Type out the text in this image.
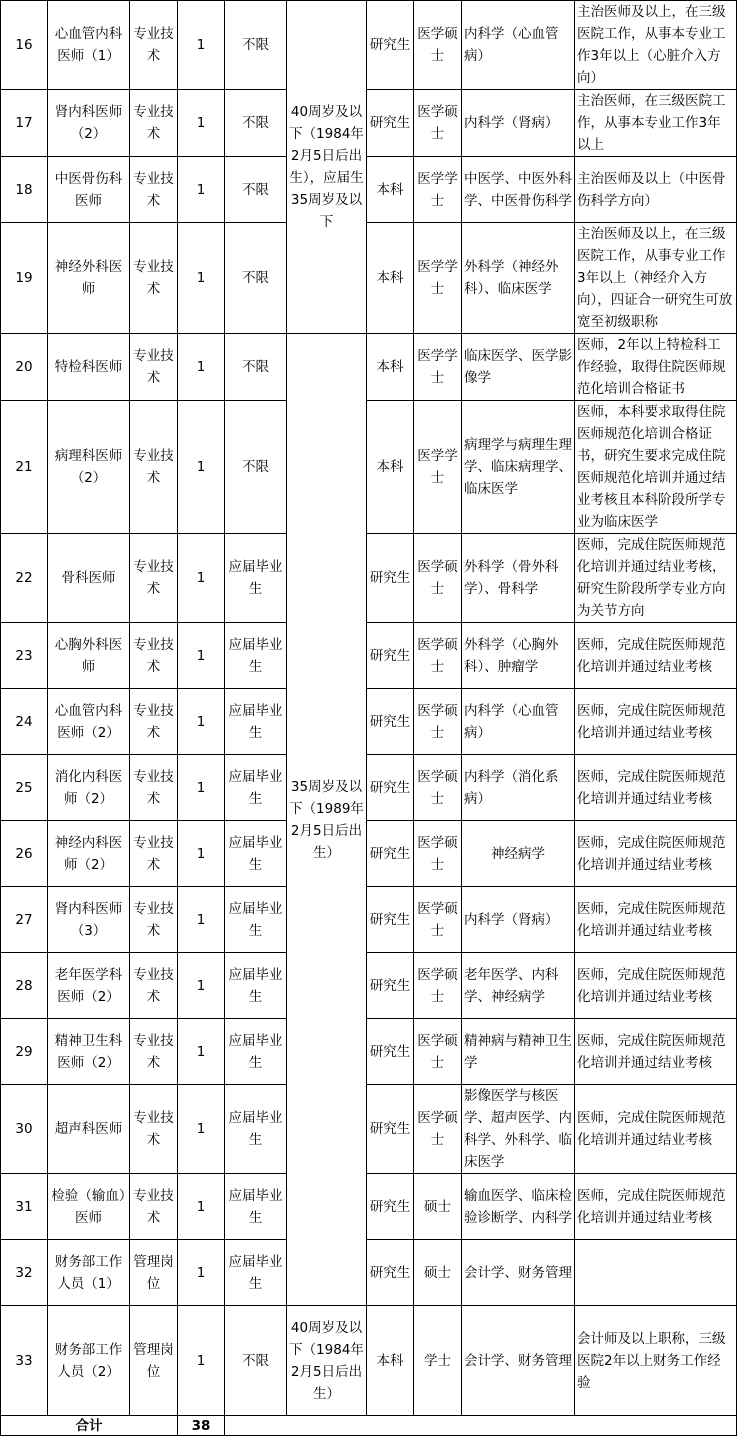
16	心血管内科医师（1）	专业技术	1	不限	40周岁及以下（1984年2月5日后出生），应届生35周岁及以下	研究生	医学硕士	内科学（心血管病）	主治医师及以上，在三级医院工作，从事本专业工作3年以上（心脏介入方向）
17	肾内科医师（2）	专业技术	1	不限		研究生	医学硕士	内科学（肾病）	主治医师，在三级医院工作，从事本专业工作3年以上
18	中医骨伤科医师	专业技术	1	不限		本科	医学学士	中医学、中医外科学、中医骨伤科学	主治医师及以上（中医骨伤科学方向）
19	神经外科医师	专业技术	1	不限		本科	医学学士	外科学（神经外科）、临床医学	主治医师及以上，在三级医院工作，从事专业工作3年以上（神经介入方向），四证合一研究生可放宽至初级职称
20	特检科医师	专业技术	1	不限	35周岁及以下（1989年2月5日后出生）	本科	医学学士	临床医学、医学影像学	医师，2年以上特检科工作经验，取得住院医师规范化培训合格证书
21	病理科医师（2）	专业技术	1	不限		本科	医学学士	病理学与病理生理学、临床病理学、临床医学	医师，本科要求取得住院医师规范化培训合格证书，研究生要求完成住院医师规范化培训并通过结业考核且本科阶段所学专业为临床医学
22	骨科医师	专业技术	1	应届毕业生		研究生	医学硕士	外科学（骨外科学）、骨科学	医师，完成住院医师规范化培训并通过结业考核，研究生阶段所学专业方向为关节方向
23	心胸外科医师	专业技术	1	应届毕业生		研究生	医学硕士	外科学（心胸外科）、肿瘤学	医师，完成住院医师规范化培训并通过结业考核
24	心血管内科医师（2）	专业技术	1	应届毕业生		研究生	医学硕士	内科学（心血管病）	医师，完成住院医师规范化培训并通过结业考核
25	消化内科医师（2）	专业技术	1	应届毕业生		研究生	医学硕士	内科学（消化系病）	医师，完成住院医师规范化培训并通过结业考核
26	神经内科医师（2）	专业技术	1	应届毕业生		研究生	医学硕士	神经病学	医师，完成住院医师规范化培训并通过结业考核
27	肾内科医师（3）	专业技术	1	应届毕业生		研究生	医学硕士	内科学（肾病）	医师，完成住院医师规范化培训并通过结业考核
28	老年医学科医师（2）	专业技术	1	应届毕业生		研究生	医学硕士	老年医学、内科学、神经病学	医师，完成住院医师规范化培训并通过结业考核
29	精神卫生科医师（2）	专业技术	1	应届毕业生		研究生	医学硕士	精神病与精神卫生学	医师，完成住院医师规范化培训并通过结业考核
30	超声科医师	专业技术	1	应届毕业生		研究生	医学硕士	影像医学与核医学、超声医学、内科学、外科学、临床医学	医师，完成住院医师规范化培训并通过结业考核
31	检验（输血）医师	专业技术	1	应届毕业生		研究生	硕士	输血医学、临床检验诊断学、内科学	医师，完成住院医师规范化培训并通过结业考核
32	财务部工作人员（1）	管理岗位	1	应届毕业生		研究生	硕士	会计学、财务管理	
33	财务部工作人员（2）	管理岗位	1	不限	40周岁及以下（1984年2月5日后出生）	本科	学士	会计学、财务管理	会计师及以上职称，三级医院2年以上财务工作经验
合计			38						
